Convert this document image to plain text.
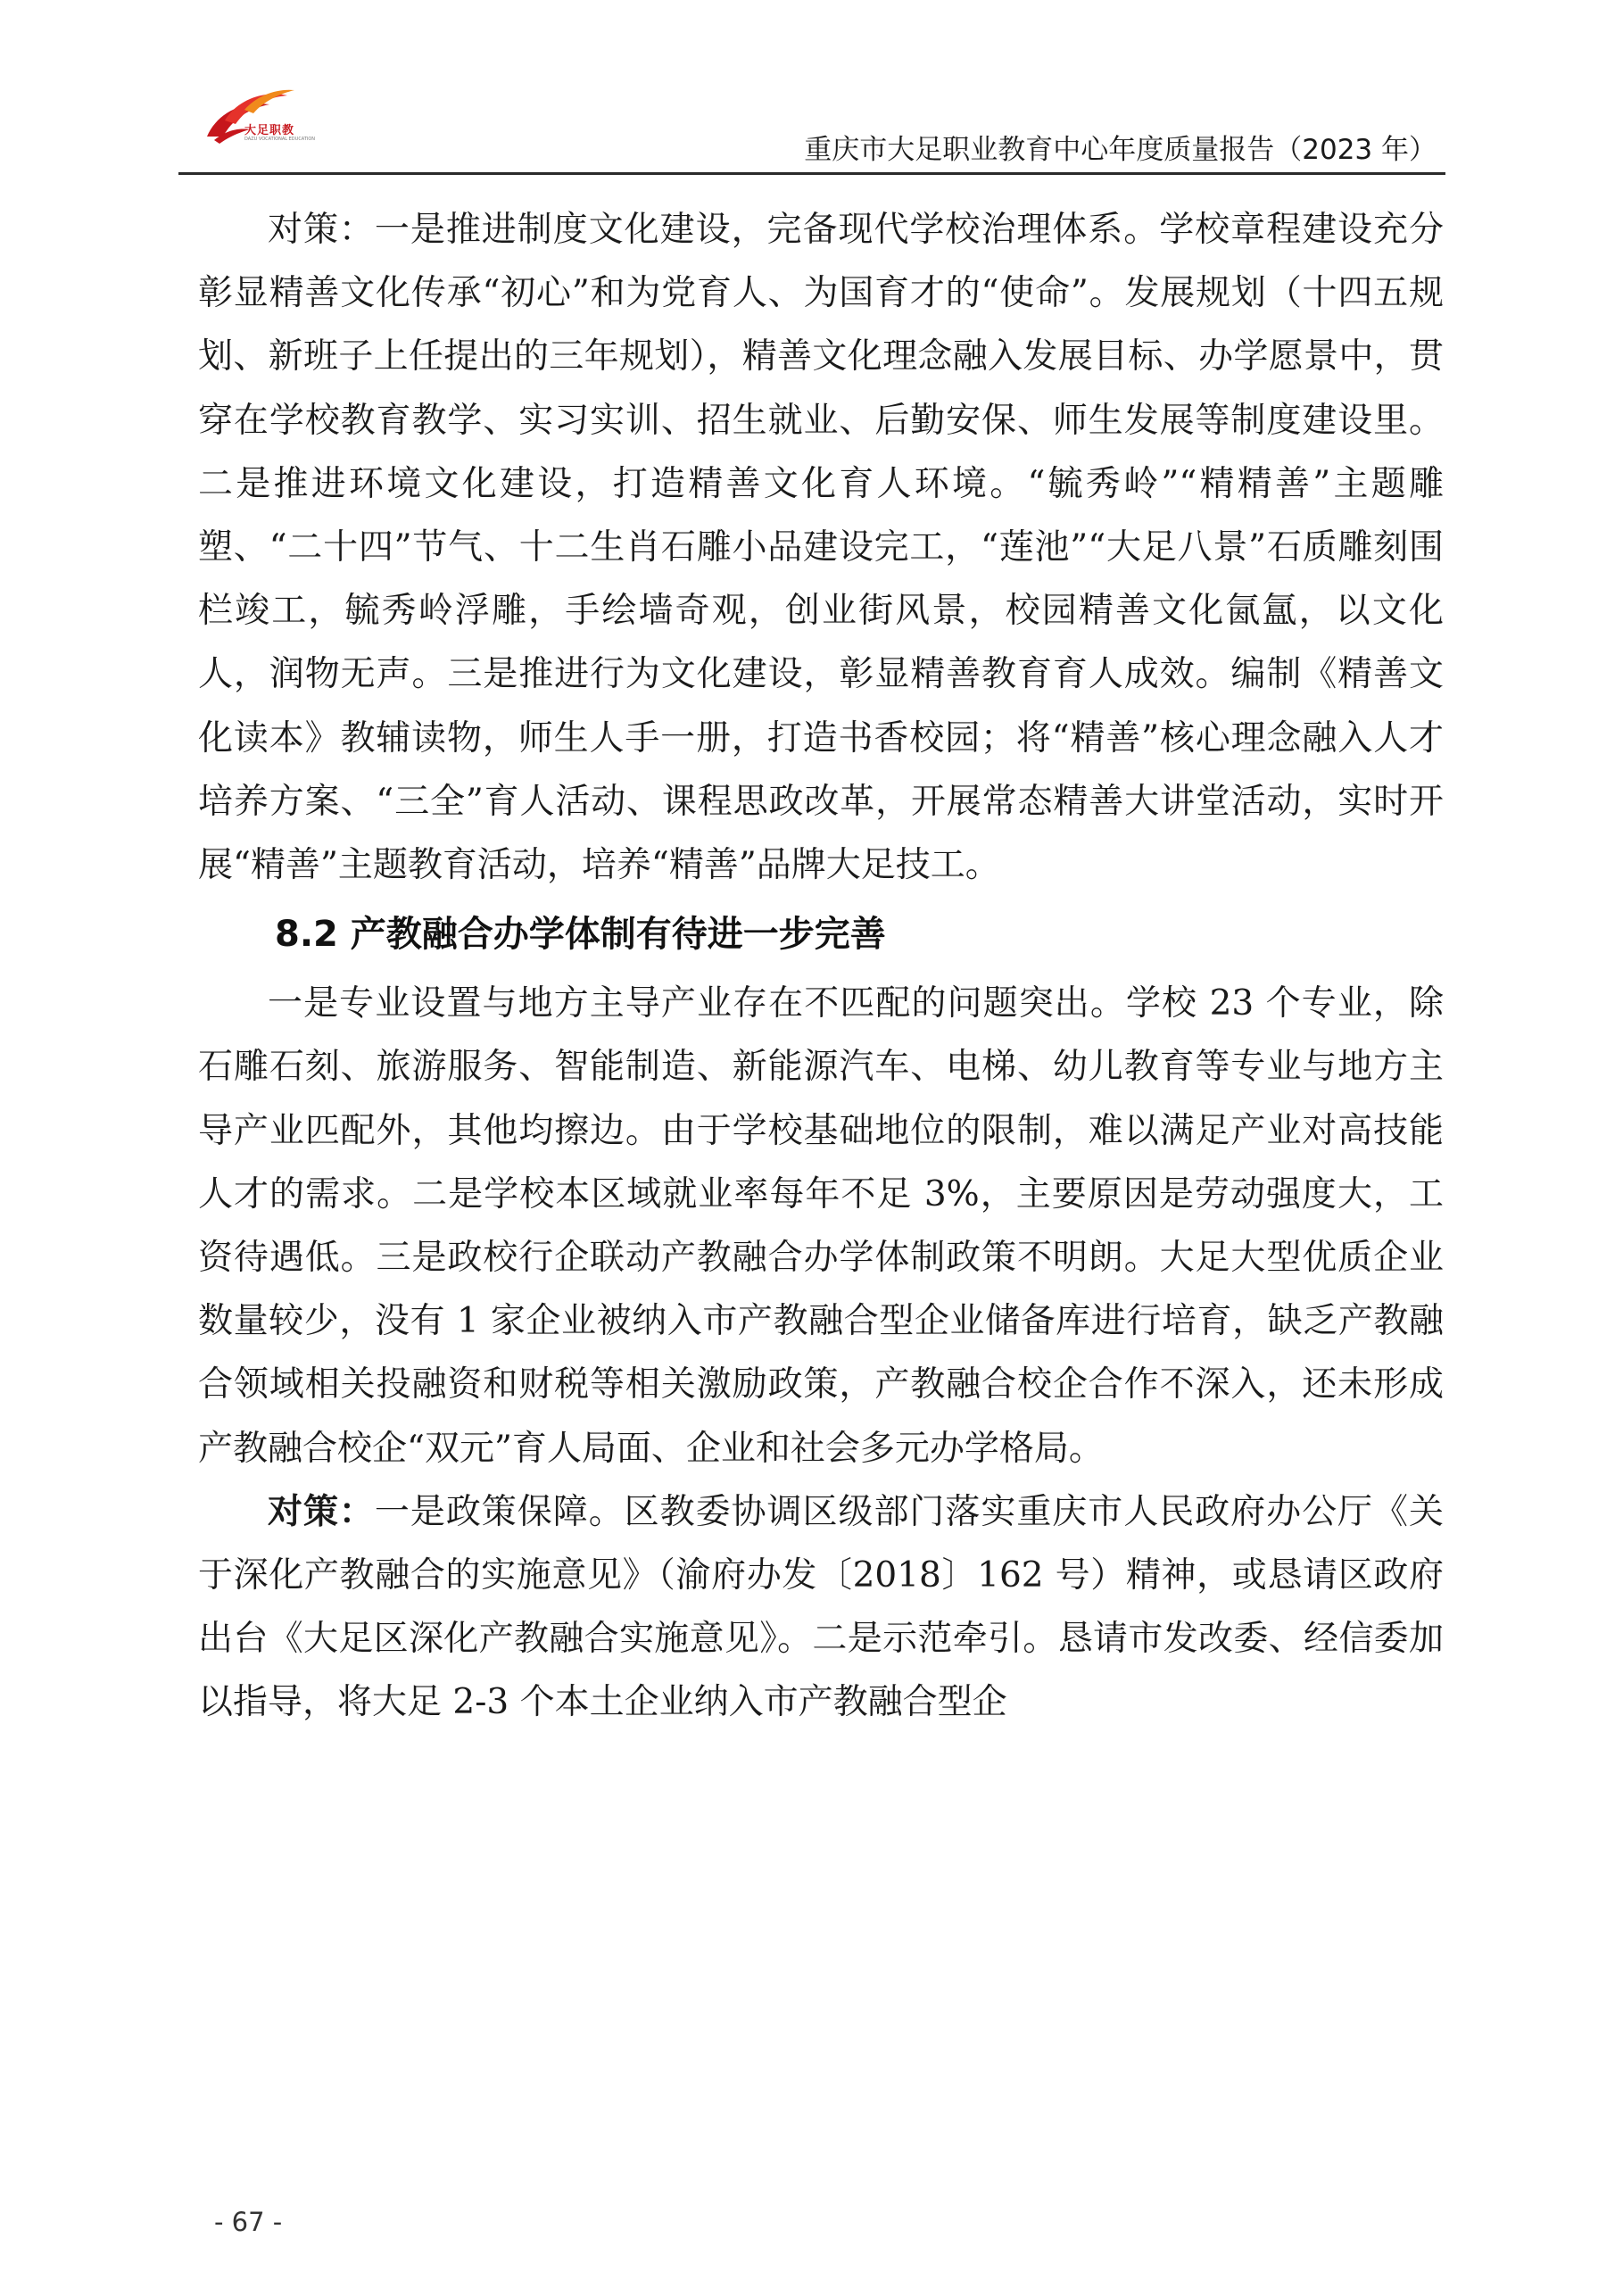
大足职教
DAZU VOCATIONAL EDUCATION	重庆市大足职业教育中心年度质量报告（2023 年）

对策：一是推进制度文化建设，完备现代学校治理体系。学校章程建设充分彰显精善文化传承“初心”和为党育人、为国育才的“使命”。发展规划（十四五规划、新班子上任提出的三年规划），精善文化理念融入发展目标、办学愿景中，贯穿在学校教育教学、实习实训、招生就业、后勤安保、师生发展等制度建设里。二是推进环境文化建设，打造精善文化育人环境。“毓秀岭”“精精善”主题雕塑、“二十四”节气、十二生肖石雕小品建设完工，“莲池”“大足八景”石质雕刻围栏竣工，毓秀岭浮雕，手绘墙奇观，创业街风景，校园精善文化氤氲，以文化人，润物无声。三是推进行为文化建设，彰显精善教育育人成效。编制《精善文化读本》教辅读物，师生人手一册，打造书香校园；将“精善”核心理念融入人才培养方案、“三全”育人活动、课程思政改革，开展常态精善大讲堂活动，实时开展“精善”主题教育活动，培养“精善”品牌大足技工。

8.2 产教融合办学体制有待进一步完善

一是专业设置与地方主导产业存在不匹配的问题突出。学校 23 个专业，除石雕石刻、旅游服务、智能制造、新能源汽车、电梯、幼儿教育等专业与地方主导产业匹配外，其他均擦边。由于学校基础地位的限制，难以满足产业对高技能人才的需求。二是学校本区域就业率每年不足 3%，主要原因是劳动强度大，工资待遇低。三是政校行企联动产教融合办学体制政策不明朗。大足大型优质企业数量较少，没有 1 家企业被纳入市产教融合型企业储备库进行培育，缺乏产教融合领域相关投融资和财税等相关激励政策，产教融合校企合作不深入，还未形成产教融合校企“双元”育人局面、企业和社会多元办学格局。

对策：一是政策保障。区教委协调区级部门落实重庆市人民政府办公厅《关于深化产教融合的实施意见》（渝府办发〔2018〕162 号）精神，或恳请区政府出台《大足区深化产教融合实施意见》。二是示范牵引。恳请市发改委、经信委加以指导，将大足 2-3 个本土企业纳入市产教融合型企

- 67 -
